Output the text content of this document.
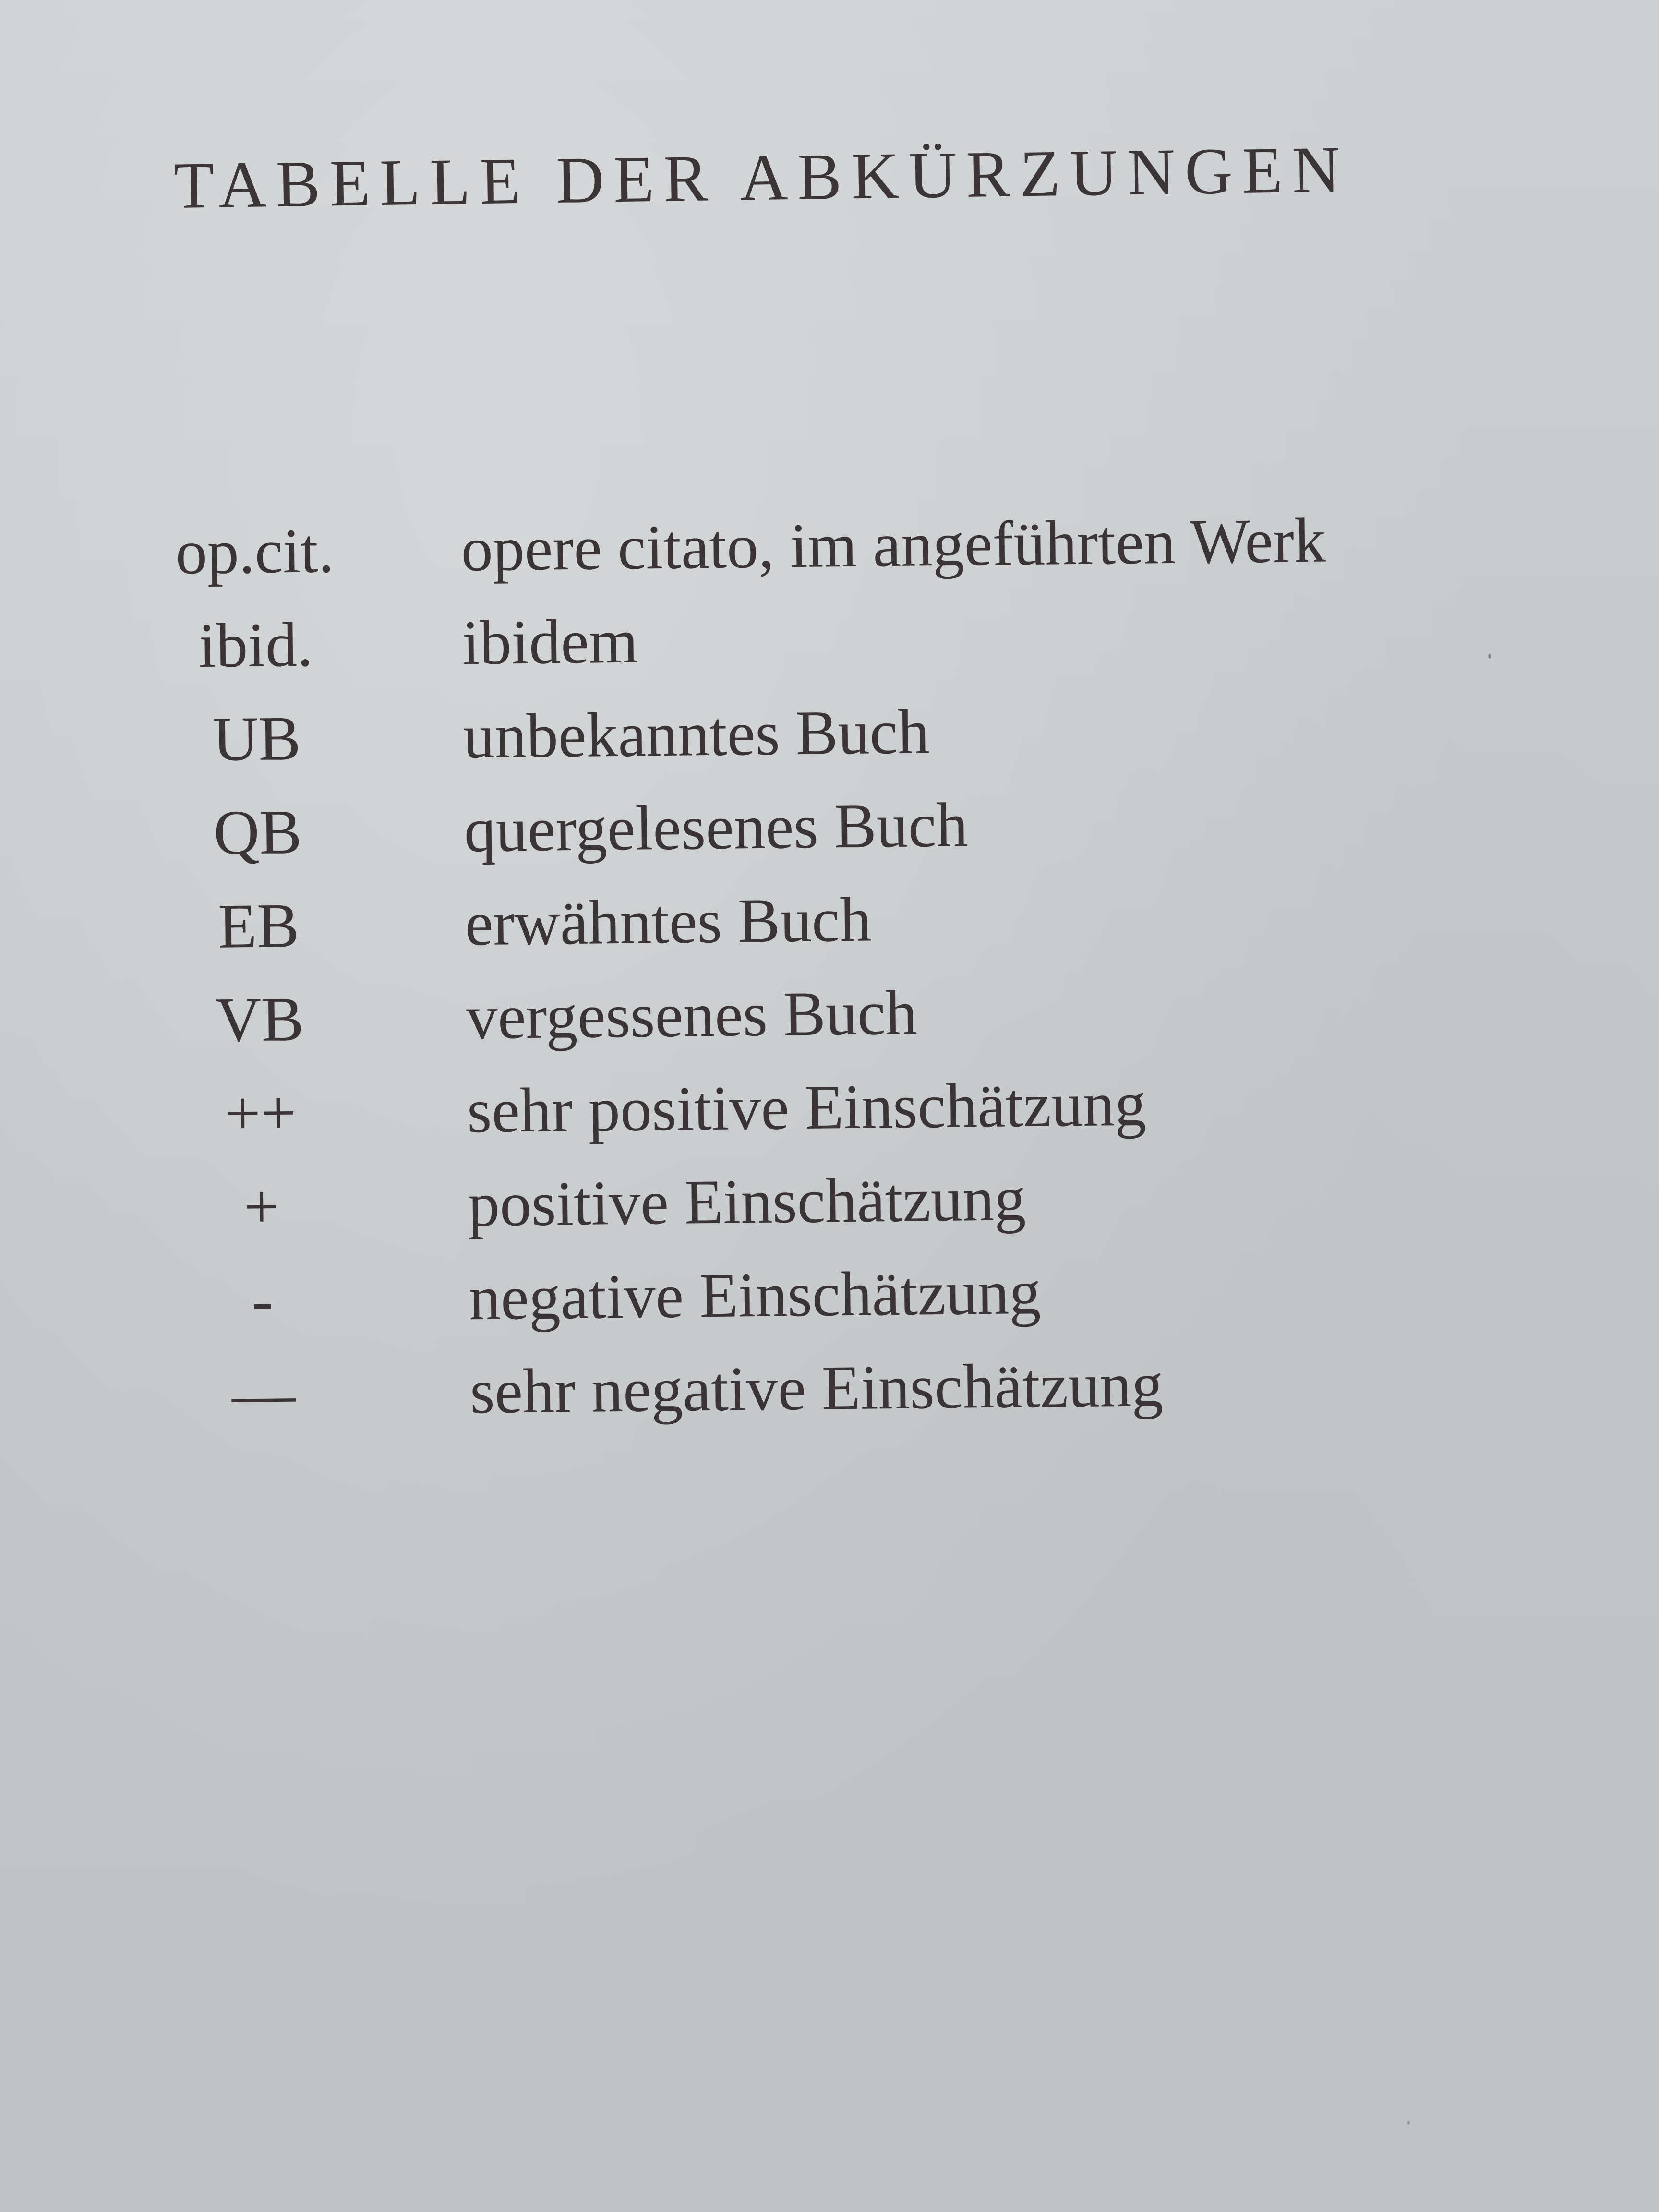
TABELLE DER ABKÜRZUNGEN
op.cit.	opere citato, im angeführten Werk
ibid.	ibidem
UB	unbekanntes Buch
QB	quergelesenes Buch
EB	erwähntes Buch
VB	vergessenes Buch
++	sehr positive Einschätzung
+	positive Einschätzung
-	negative Einschätzung
—	sehr negative Einschätzung
